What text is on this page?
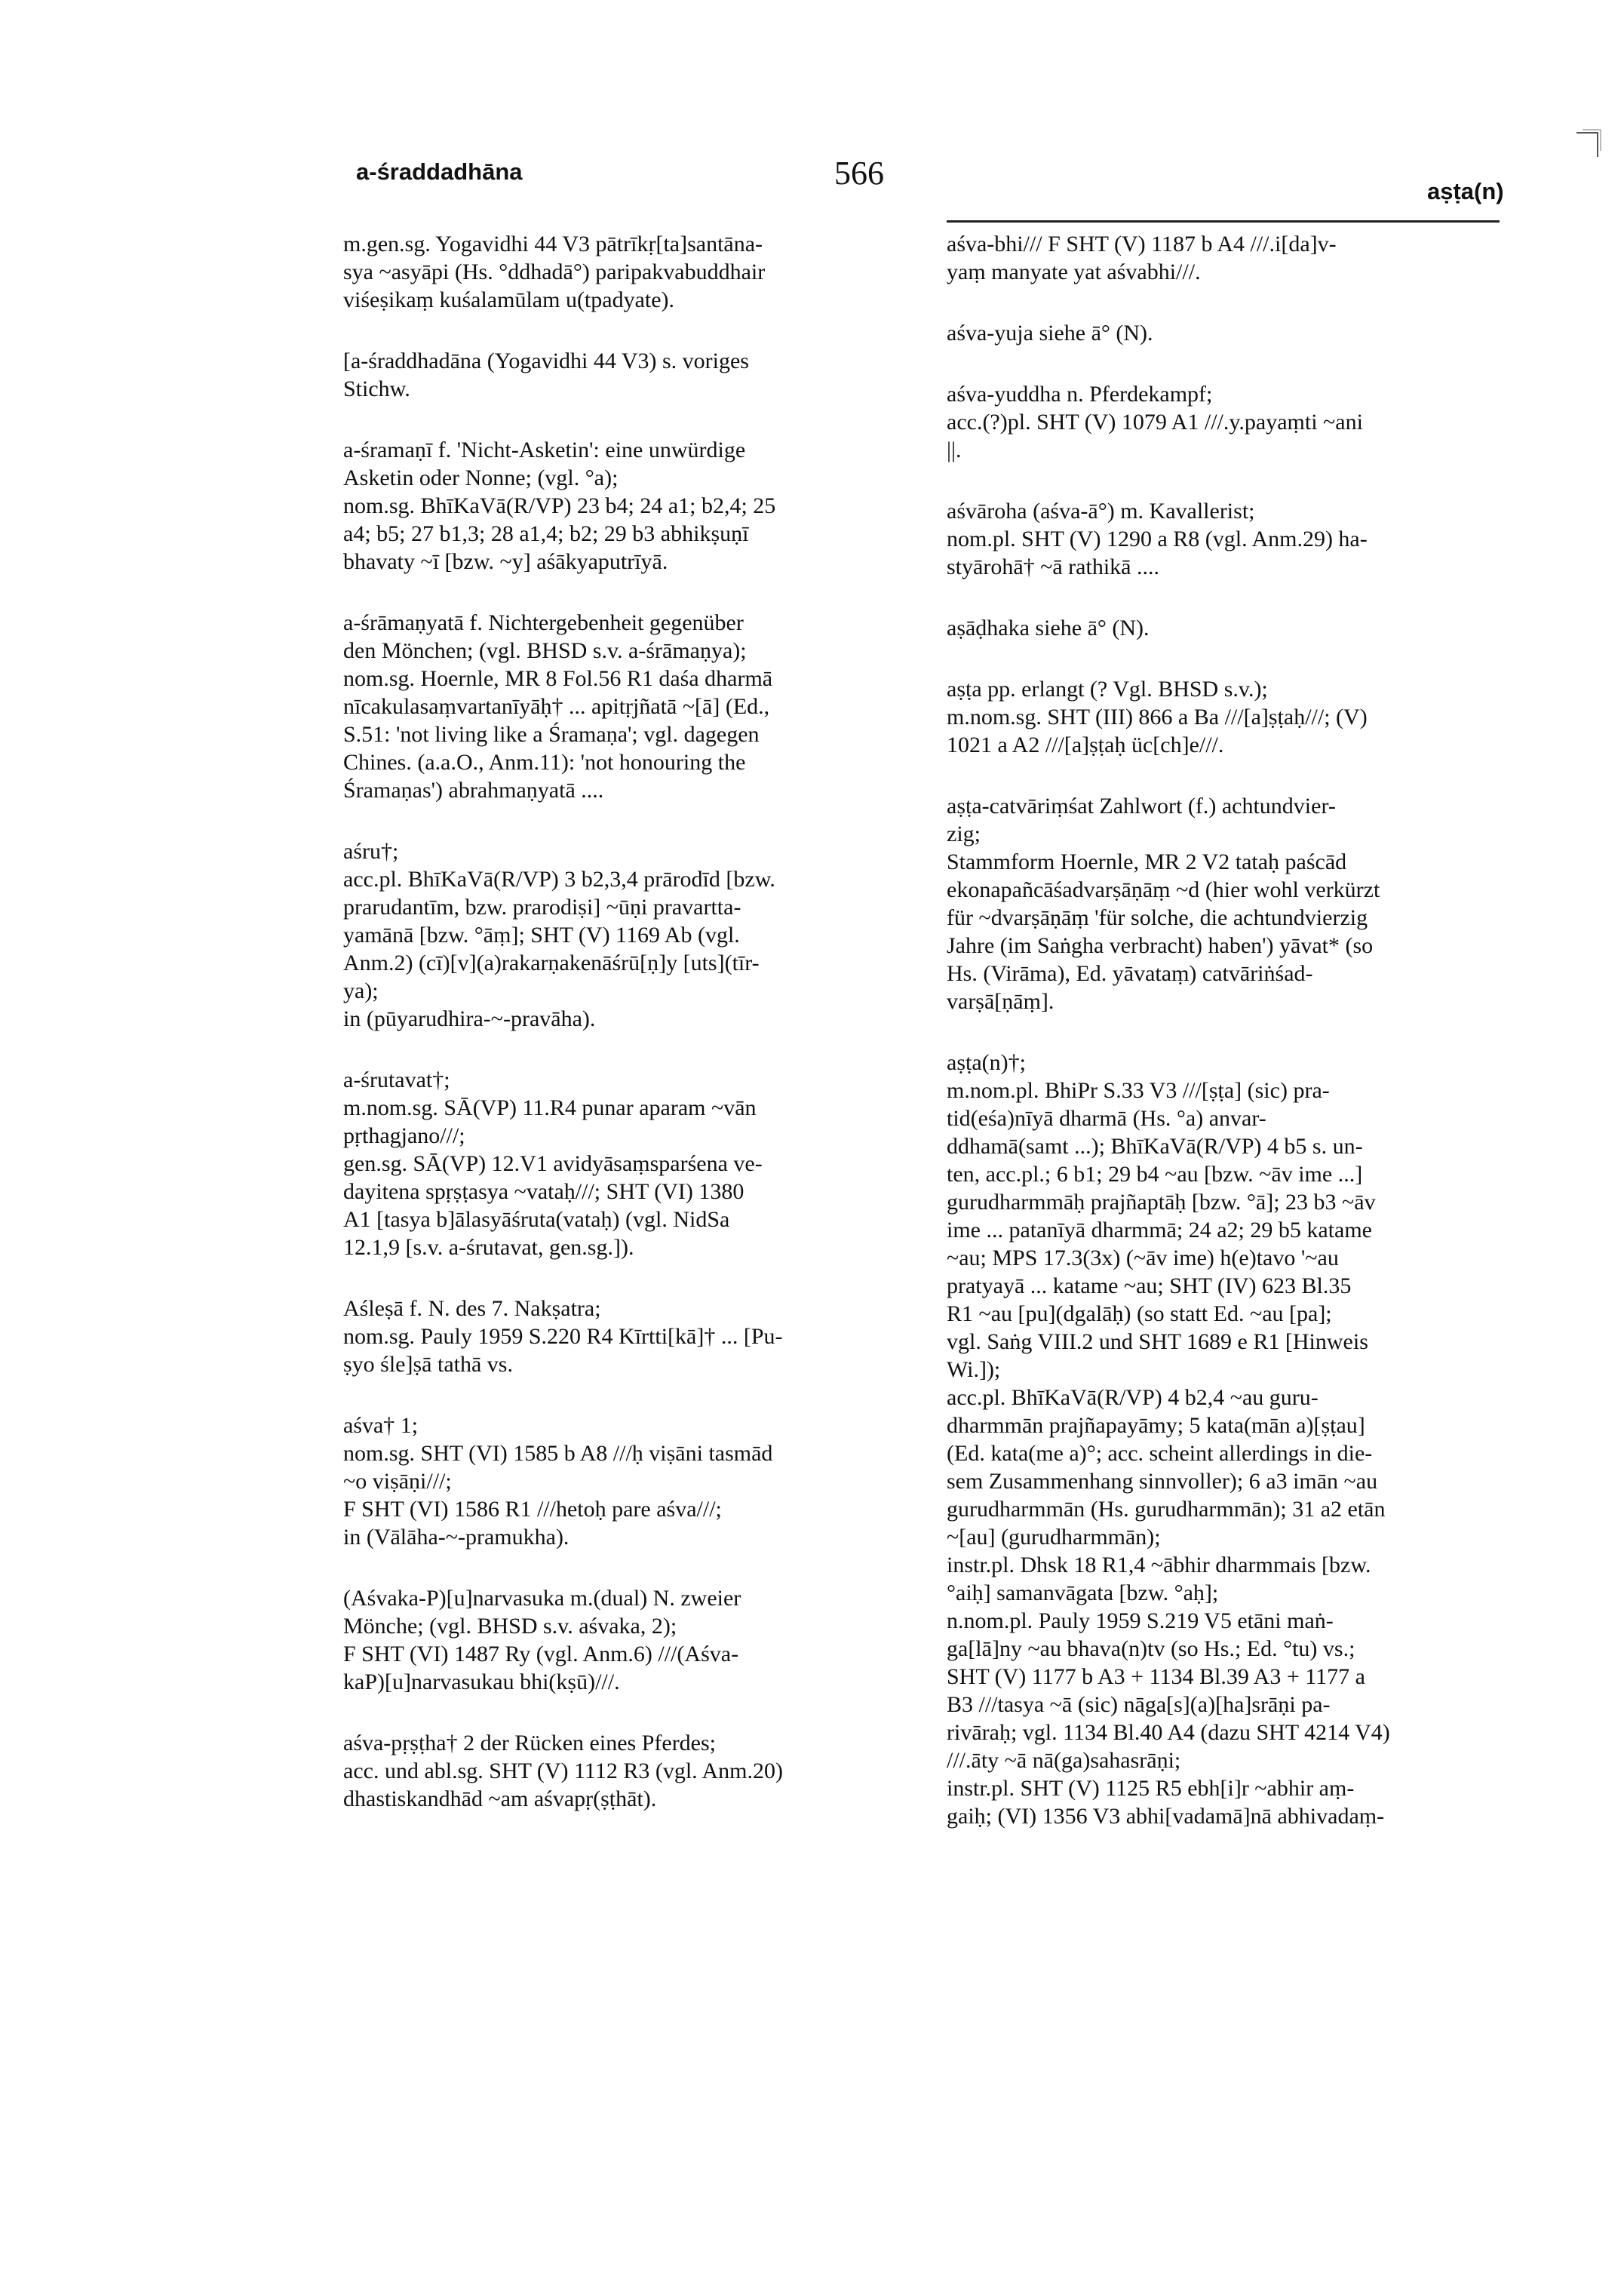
a-śraddadhāna	566	aṣṭa(n)
m.gen.sg. Yogavidhi 44 V3 pātrīkṛ[ta]santāna-
sya ~asyāpi (Hs. °ddhadā°) paripakvabuddhair
viśeṣikaṃ kuśalamūlam u(tpadyate).
[a-śraddhadāna (Yogavidhi 44 V3) s. voriges
Stichw.
a-śramaṇī f. 'Nicht-Asketin': eine unwürdige
Asketin oder Nonne; (vgl. °a);
nom.sg. BhīKaVā(R/VP) 23 b4; 24 a1; b2,4; 25
a4; b5; 27 b1,3; 28 a1,4; b2; 29 b3 abhikṣuṇī
bhavaty ~ī [bzw. ~y] aśākyaputrīyā.
a-śrāmaṇyatā f. Nichtergebenheit gegenüber
den Mönchen; (vgl. BHSD s.v. a-śrāmaṇya);
nom.sg. Hoernle, MR 8 Fol.56 R1 daśa dharmā
nīcakulasaṃvartanīyāḥ† ... apitṛjñatā ~[ā] (Ed.,
S.51: 'not living like a Śramaṇa'; vgl. dagegen
Chines. (a.a.O., Anm.11): 'not honouring the
Śramaṇas') abrahmaṇyatā ....
aśru†;
acc.pl. BhīKaVā(R/VP) 3 b2,3,4 prārodīd [bzw.
prarudantīm, bzw. prarodiṣi] ~ūṇi pravartta-
yamānā [bzw. °āṃ]; SHT (V) 1169 Ab (vgl.
Anm.2) (cī)[v](a)rakarṇakenāśrū[ṇ]y [uts](tīr-
ya);
in (pūyarudhira-~-pravāha).
a-śrutavat†;
m.nom.sg. SĀ(VP) 11.R4 punar aparam ~vān
pṛthagjano///;
gen.sg. SĀ(VP) 12.V1 avidyāsaṃsparśena ve-
dayitena spṛṣṭasya ~vataḥ///; SHT (VI) 1380
A1 [tasya b]ālasyāśruta(vataḥ) (vgl. NidSa
12.1,9 [s.v. a-śrutavat, gen.sg.]).
Aśleṣā f. N. des 7. Nakṣatra;
nom.sg. Pauly 1959 S.220 R4 Kīrtti[kā]† ... [Pu-
ṣyo śle]ṣā tathā vs.
aśva† 1;
nom.sg. SHT (VI) 1585 b A8 ///ḥ viṣāni tasmād
~o viṣāṇi///;
F SHT (VI) 1586 R1 ///hetoḥ pare aśva///;
in (Vālāha-~-pramukha).
(Aśvaka-P)[u]narvasuka m.(dual) N. zweier
Mönche; (vgl. BHSD s.v. aśvaka, 2);
F SHT (VI) 1487 Ry (vgl. Anm.6) ///(Aśva-
kaP)[u]narvasukau bhi(kṣū)///.
aśva-pṛṣṭha† 2 der Rücken eines Pferdes;
acc. und abl.sg. SHT (V) 1112 R3 (vgl. Anm.20)
dhastiskandhād ~am aśvapṛ(ṣṭhāt).
aśva-bhi/// F SHT (V) 1187 b A4 ///.i[da]v-
yaṃ manyate yat aśvabhi///.
aśva-yuja siehe ā° (N).
aśva-yuddha n. Pferdekampf;
acc.(?)pl. SHT (V) 1079 A1 ///.y.payaṃti ~ani
||.
aśvāroha (aśva-ā°) m. Kavallerist;
nom.pl. SHT (V) 1290 a R8 (vgl. Anm.29) ha-
styārohā† ~ā rathikā ....
aṣāḍhaka siehe ā° (N).
aṣṭa pp. erlangt (? Vgl. BHSD s.v.);
m.nom.sg. SHT (III) 866 a Ba ///[a]ṣṭaḥ///; (V)
1021 a A2 ///[a]ṣṭaḥ üc[ch]e///.
aṣṭa-catvāriṃśat Zahlwort (f.) achtundvier-
zig;
Stammform Hoernle, MR 2 V2 tataḥ paścād
ekonapañcāśadvarṣāṇāṃ ~d (hier wohl verkürzt
für ~dvarṣāṇāṃ 'für solche, die achtundvierzig
Jahre (im Saṅgha verbracht) haben') yāvat* (so
Hs. (Virāma), Ed. yāvataṃ) catvāriṅśad-
varṣā[ṇāṃ].
aṣṭa(n)†;
m.nom.pl. BhiPr S.33 V3 ///[ṣṭa] (sic) pra-
tid(eśa)nīyā dharmā (Hs. °a) anvar-
ddhamā(samt ...); BhīKaVā(R/VP) 4 b5 s. un-
ten, acc.pl.; 6 b1; 29 b4 ~au [bzw. ~āv ime ...]
gurudharmmāḥ prajñaptāḥ [bzw. °ā]; 23 b3 ~āv
ime ... patanīyā dharmmā; 24 a2; 29 b5 katame
~au; MPS 17.3(3x) (~āv ime) h(e)tavo '~au
pratyayā ... katame ~au; SHT (IV) 623 Bl.35
R1 ~au [pu](dgalāḥ) (so statt Ed. ~au [pa];
vgl. Saṅg VIII.2 und SHT 1689 e R1 [Hinweis
Wi.]);
acc.pl. BhīKaVā(R/VP) 4 b2,4 ~au guru-
dharmmān prajñapayāmy; 5 kata(mān a)[ṣṭau]
(Ed. kata(me a)°; acc. scheint allerdings in die-
sem Zusammenhang sinnvoller); 6 a3 imān ~au
gurudharmmān (Hs. gurudharmmān); 31 a2 etān
~[au] (gurudharmmān);
instr.pl. Dhsk 18 R1,4 ~ābhir dharmmais [bzw.
°aiḥ] samanvāgata [bzw. °aḥ];
n.nom.pl. Pauly 1959 S.219 V5 etāni maṅ-
ga[lā]ny ~au bhava(n)tv (so Hs.; Ed. °tu) vs.;
SHT (V) 1177 b A3 + 1134 Bl.39 A3 + 1177 a
B3 ///tasya ~ā (sic) nāga[s](a)[ha]srāṇi pa-
rivāraḥ; vgl. 1134 Bl.40 A4 (dazu SHT 4214 V4)
///.āty ~ā nā(ga)sahasrāṇi;
instr.pl. SHT (V) 1125 R5 ebh[i]r ~abhir aṃ-
gaiḥ; (VI) 1356 V3 abhi[vadamā]nā abhivadaṃ-
